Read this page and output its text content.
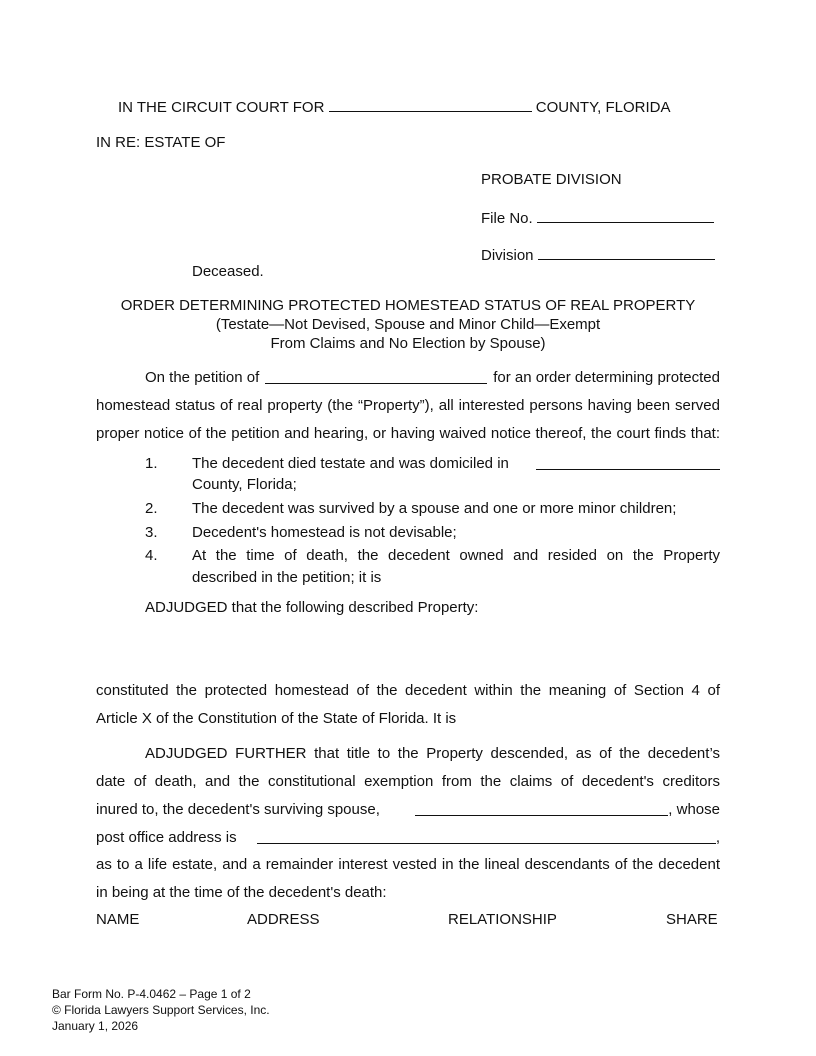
IN THE CIRCUIT COURT FOR	COUNTY, FLORIDA
IN RE: ESTATE OF
PROBATE DIVISION
File No.
Division
Deceased.
ORDER DETERMINING PROTECTED HOMESTEAD STATUS OF REAL PROPERTY
(Testate—Not Devised, Spouse and Minor Child—Exempt
From Claims and No Election by Spouse)
On the petition of	for an order determining protected
homestead status of real property (the “Property”), all interested persons having been served
proper notice of the petition and hearing, or having waived notice thereof, the court finds that:
1. The decedent died testate and was domiciled in
County, Florida;
2. The decedent was survived by a spouse and one or more minor children;
3. Decedent's homestead is not devisable;
4. At the time of death, the decedent owned and resided on the Property
described in the petition; it is
ADJUDGED that the following described Property:
constituted the protected homestead of the decedent within the meaning of Section 4 of
Article X of the Constitution of the State of Florida. It is
ADJUDGED FURTHER that title to the Property descended, as of the decedent’s
date of death, and the constitutional exemption from the claims of decedent's creditors
inured to, the decedent's surviving spouse,	, whose
post office address is	,
as to a life estate, and a remainder interest vested in the lineal descendants of the decedent
in being at the time of the decedent's death:
NAME	ADDRESS	RELATIONSHIP	SHARE
Bar Form No. P-4.0462 – Page 1 of 2
© Florida Lawyers Support Services, Inc.
January 1, 2026
